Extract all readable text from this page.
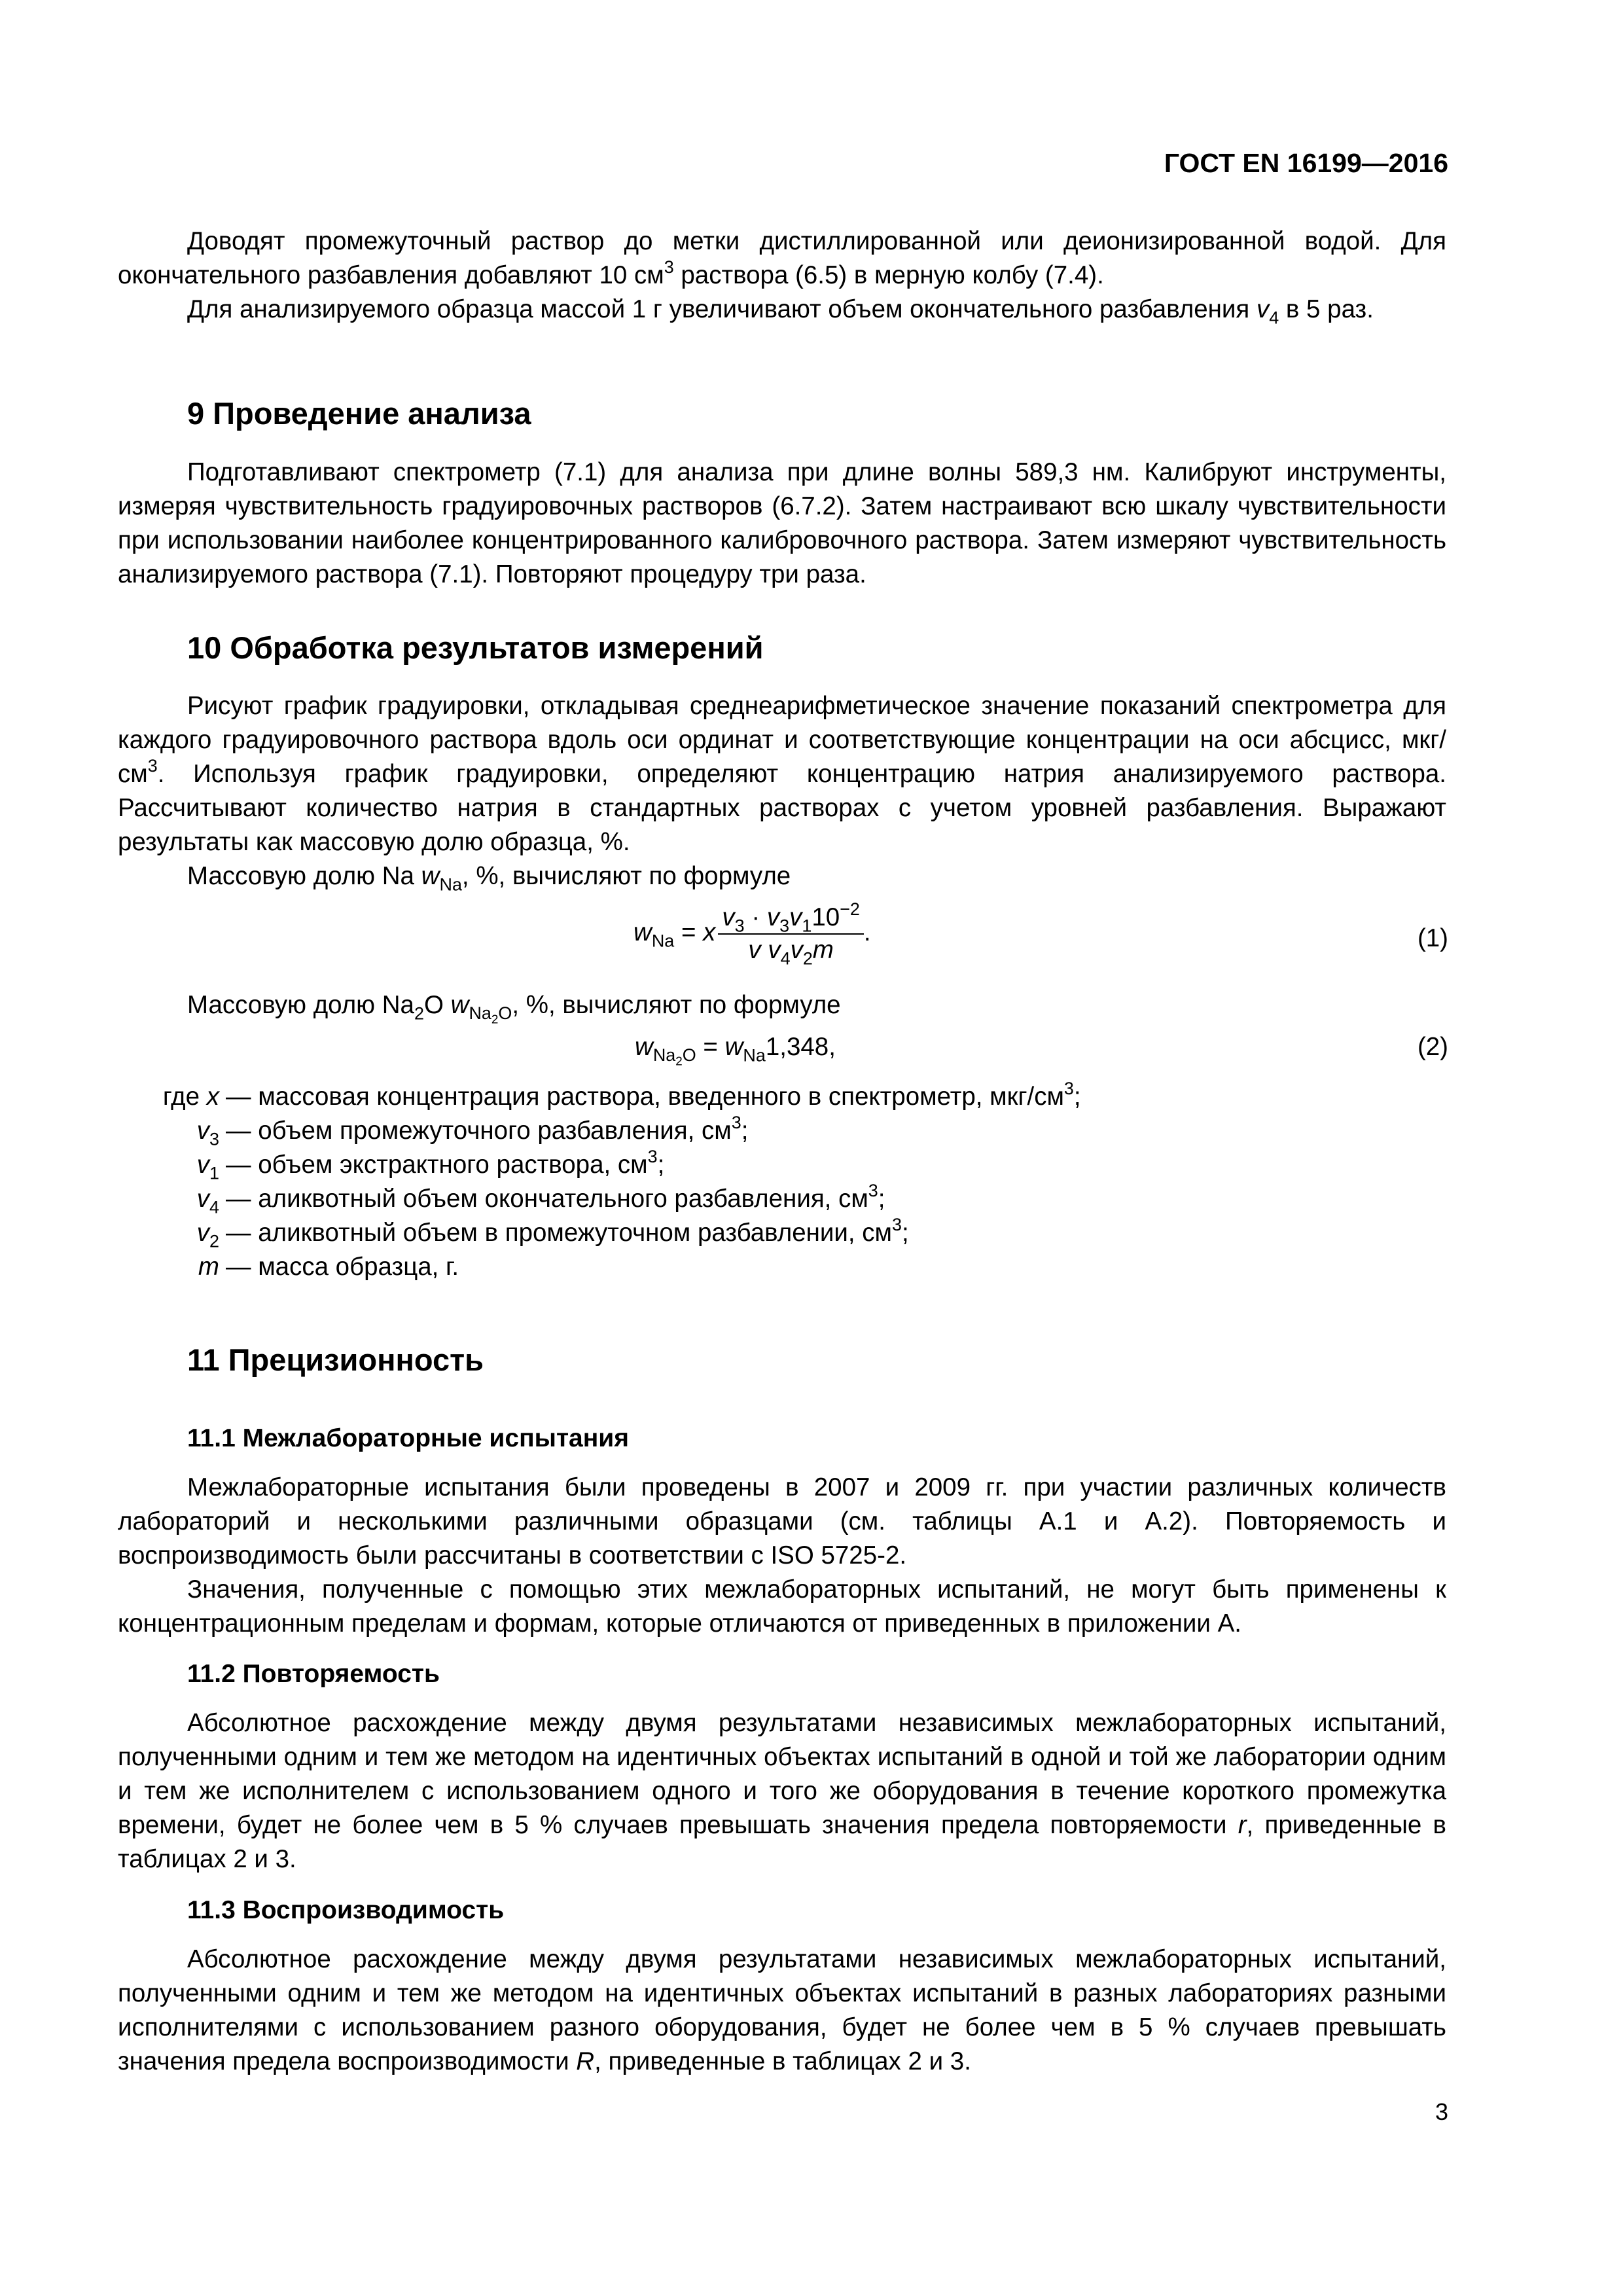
ГОСТ EN 16199—2016

Доводят промежуточный раствор до метки дистиллированной или деионизированной водой. Для окончательного разбавления добавляют 10 $см^3$ раствора (6.5) в мерную колбу (7.4).

Для анализируемого образца массой 1 г увеличивают объем окончательного разбавления $v_4$ в 5 раз.

9 Проведение анализа

Подготавливают спектрометр (7.1) для анализа при длине волны 589,3 нм. Калибруют инструменты, измеряя чувствительность градуировочных растворов (6.7.2). Затем настраивают всю шкалу чувствительности при использовании наиболее концентрированного калибровочного раствора. Затем измеряют чувствительность анализируемого раствора (7.1). Повторяют процедуру три раза.

10 Обработка результатов измерений

Рисуют график градуировки, откладывая среднеарифметическое значение показаний спектрометра для каждого градуировочного раствора вдоль оси ординат и соответствующие концентрации на оси абсцисс, мкг/$см^3$. Используя график градуировки, определяют концентрацию натрия анализируемого раствора. Рассчитывают количество натрия в стандартных растворах с учетом уровней разбавления. Выражают результаты как массовую долю образца, %.

Массовую долю Na $w_{Na}$, %, вычисляют по формуле

$w_{Na} = x \frac{v_3 \cdot v_3v_110^{-2}}{v v_4v_2m}$ .	(1)

Массовую долю $Na_2O$ $w_{Na_2O}$, %, вычисляют по формуле

$w_{Na_2O} = w_{Na}1,348$,	(2)
где x — массовая концентрация раствора, введенного в спектрометр, мкг/$см^3$;
$v_3$ — объем промежуточного разбавления, $см^3$;
$v_1$ — объем экстрактного раствора, $см^3$;
$v_4$ — аликвотный объем окончательного разбавления, $см^3$;
$v_2$ — аликвотный объем в промежуточном разбавлении, $см^3$;
m — масса образца, г.
11 Прецизионность
11.1 Межлабораторные испытания

Межлабораторные испытания были проведены в 2007 и 2009 гг. при участии различных количеств лабораторий и несколькими различными образцами (см. таблицы А.1 и А.2). Повторяемость и воспроизводимость были рассчитаны в соответствии с ISO 5725-2.

Значения, полученные с помощью этих межлабораторных испытаний, не могут быть применены к концентрационным пределам и формам, которые отличаются от приведенных в приложении А.

11.2 Повторяемость

Абсолютное расхождение между двумя результатами независимых межлабораторных испытаний, полученными одним и тем же методом на идентичных объектах испытаний в одной и той же лаборатории одним и тем же исполнителем с использованием одного и того же оборудования в течение короткого промежутка времени, будет не более чем в 5 % случаев превышать значения предела повторяемости r, приведенные в таблицах 2 и 3.

11.3 Воспроизводимость

Абсолютное расхождение между двумя результатами независимых межлабораторных испытаний, полученными одним и тем же методом на идентичных объектах испытаний в разных лабораториях разными исполнителями с использованием разного оборудования, будет не более чем в 5 % случаев превышать значения предела воспроизводимости R, приведенные в таблицах 2 и 3.

3
